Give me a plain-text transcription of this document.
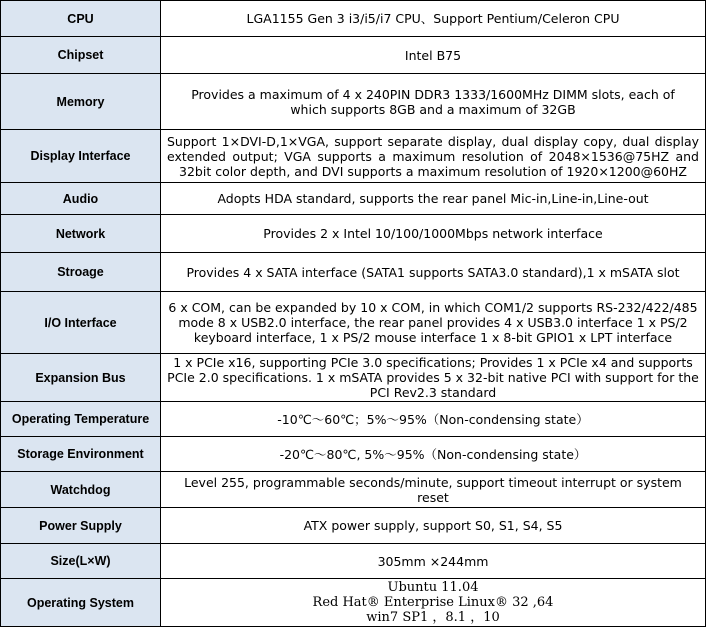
CPU	LGA1155 Gen 3 i3/i5/i7 CPU、Support Pentium/Celeron CPU
Chipset	Intel B75
Memory	Provides a maximum of 4 x 240PIN DDR3 1333/1600MHz DIMM slots, each of
which supports 8GB and a maximum of 32GB
Display Interface	Support 1×DVI-D,1×VGA, support separate display, dual display copy, dual display extended output; VGA supports a maximum resolution of 2048×1536@75HZ and 32bit color depth, and DVI supports a maximum resolution of 1920×1200@60HZ
Audio	Adopts HDA standard, supports the rear panel Mic-in,Line-in,Line-out
Network	Provides 2 x Intel 10/100/1000Mbps network interface
Stroage	Provides 4 x SATA interface (SATA1 supports SATA3.0 standard),1 x mSATA slot
I/O Interface	6 x COM, can be expanded by 10 x COM, in which COM1/2 supports RS-232/422/485 mode 8 x USB2.0 interface, the rear panel provides 4 x USB3.0 interface 1 x PS/2 keyboard interface, 1 x PS/2 mouse interface 1 x 8-bit GPIO1 x LPT interface
Expansion Bus	1 x PCIe x16, supporting PCIe 3.0 specifications; Provides 1 x PCIe x4 and supports PCIe 2.0 specifications. 1 x mSATA provides 5 x 32-bit native PCI with support for the PCI Rev2.3 standard
Operating Temperature	-10℃～60℃；5%～95%（Non-condensing state）
Storage Environment	-20℃～80℃, 5%～95%（Non-condensing state）
Watchdog	Level 255, programmable seconds/minute, support timeout interrupt or system reset
Power Supply	ATX power supply, support S0, S1, S4, S5
Size(L×W)	305mm ×244mm
Operating System	Ubuntu 11.04
Red Hat® Enterprise Linux® 32 ,64
win7 SP1 ，8.1 ，10
